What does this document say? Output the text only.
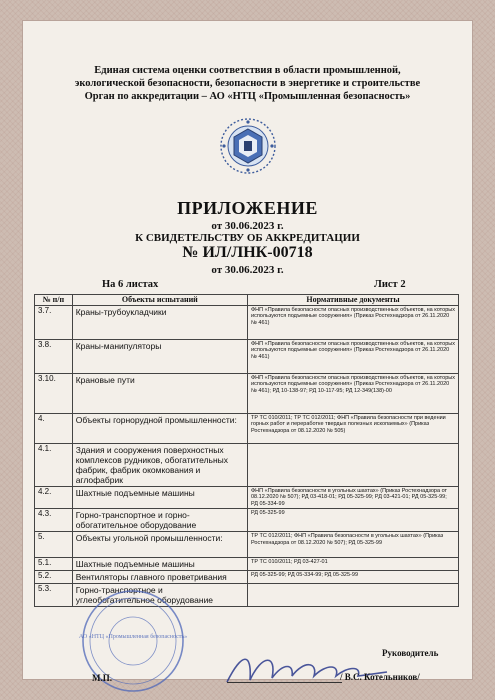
Единая система оценки соответствия в области промышленной,
экологической безопасности, безопасности в энергетике и строительстве
Орган по аккредитации – АО «НТЦ «Промышленная безопасность»
ПРИЛОЖЕНИЕ
от 30.06.2023 г.
К СВИДЕТЕЛЬСТВУ ОБ АККРЕДИТАЦИИ
№ ИЛ/ЛНК-00718
от 30.06.2023 г.
На 6 листах	Лист 2
№ п/п	Объекты испытаний	Нормативные документы
3.7.	Краны-трубоукладчики	ФНП «Правила безопасности опасных производственных объектов, на которых используются подъемные сооружения» (Приказ Ростехнадзора от 26.11.2020 № 461)
3.8.	Краны-манипуляторы	ФНП «Правила безопасности опасных производственных объектов, на которых используются подъемные сооружения» (Приказ Ростехнадзора от 26.11.2020 № 461)
3.10.	Крановые пути	ФНП «Правила безопасности опасных производственных объектов, на которых используются подъемные сооружения» (Приказ Ростехнадзора от 26.11.2020 № 461); РД 10-138-97; РД 10-117-95; РД 12-349(138)-00
4.	Объекты горнорудной промышленности:	ТР ТС 010/2011; ТР ТС 012/2011; ФНП «Правила безопасности при ведении горных работ и переработке твердых полезных ископаемых» (Приказ Ростехнадзора от 08.12.2020 № 505)
4.1.	Здания и сооружения поверхностных комплексов рудников, обогатительных фабрик, фабрик окомкования и аглофабрик	
4.2.	Шахтные подъемные машины	ФНП «Правила безопасности в угольных шахтах» (Приказ Ростехнадзора от 08.12.2020 № 507); РД 03-418-01; РД 05-325-99; РД 03-421-01; РД 05-325-99; РД 05-334-99
4.3.	Горно-транспортное и горно-обогатительное оборудование	РД 05-325-99
5.	Объекты угольной промышленности:	ТР ТС 012/2011; ФНП «Правила безопасности в угольных шахтах» (Приказ Ростехнадзора от 08.12.2020 № 507); РД 05-325-99
5.1.	Шахтные подъемные машины	ТР ТС 010/2011; РД 03-427-01
5.2.	Вентиляторы главного проветривания	РД 05-325-99; РД 05-334-99; РД 05-325-99
5.3.	Горно-транспортное и углеобогатительное оборудование	
АО «НТЦ «Промышленная безопасность»
М.П.
Руководитель
/ В.С. Котельников/
